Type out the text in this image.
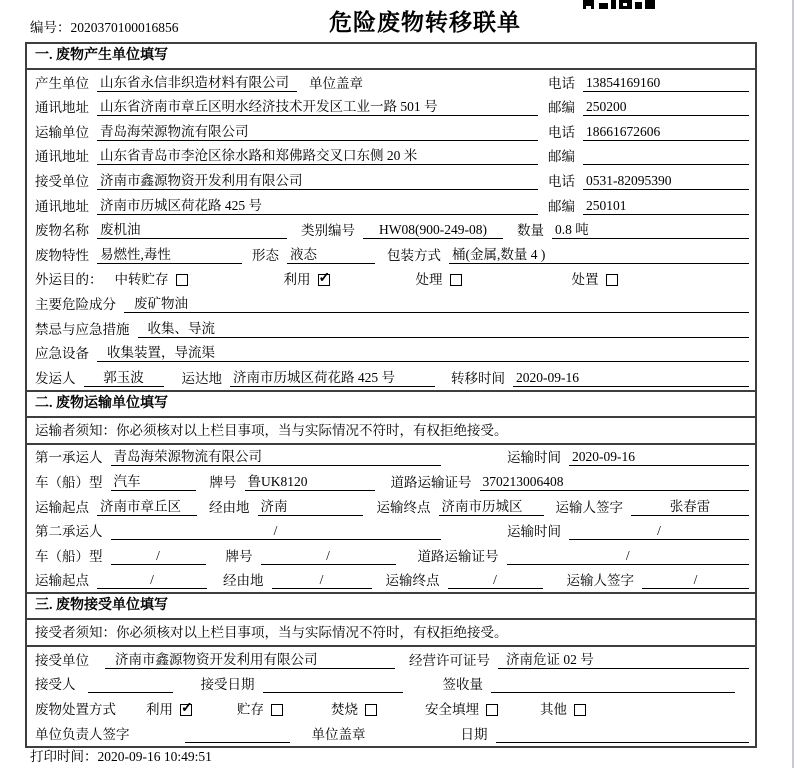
编号：2020370100016856	危险废物转移联单
一. 废物产生单位填写
产生单位 山东省永信非织造材料有限公司	单位盖章	电话 13854169160
通讯地址 山东省济南市章丘区明水经济技术开发区工业一路 501 号	邮编 250200
运输单位 青岛海荣源物流有限公司	电话 18661672606
通讯地址 山东省青岛市李沧区徐水路和郑佛路交叉口东侧 20 米	邮编
接受单位 济南市鑫源物资开发利用有限公司	电话 0531-82095390
通讯地址 济南市历城区荷花路 425 号	邮编 250101
废物名称 废机油	类别编号	HW08(900-249-08)	数量 0.8 吨
废物特性 易燃性,毒性	形态 液态	包装方式 桶(金属,数量 4 )
外运目的： 中转贮存	利用 ✓	处理	处置
主要危险成分	废矿物油
禁忌与应急措施	收集、导流
应急设备	收集装置，导流渠
发运人	郭玉波	运达地 济南市历城区荷花路 425 号	转移时间 2020-09-16
二. 废物运输单位填写
运输者须知：你必须核对以上栏目事项，当与实际情况不符时，有权拒绝接受。
第一承运人 青岛海荣源物流有限公司	运输时间 2020-09-16
车（船）型 汽车	牌号 鲁UK8120	道路运输证号 370213006408
运输起点 济南市章丘区	经由地 济南	运输终点 济南市历城区	运输人签字	张春雷
第二承运人	/	运输时间	/
车（船）型	/	牌号	/	道路运输证号	/
运输起点	/	经由地	/	运输终点	/	运输人签字	/
三. 废物接受单位填写
接受者须知：你必须核对以上栏目事项，当与实际情况不符时，有权拒绝接受。
接受单位	济南市鑫源物资开发利用有限公司	经营许可证号	济南危证 02 号
接受人	接受日期	签收量
废物处置方式 利用 ✓	贮存	焚烧	安全填埋	其他
单位负责人签字	单位盖章	日期
打印时间：2020-09-16 10:49:51
